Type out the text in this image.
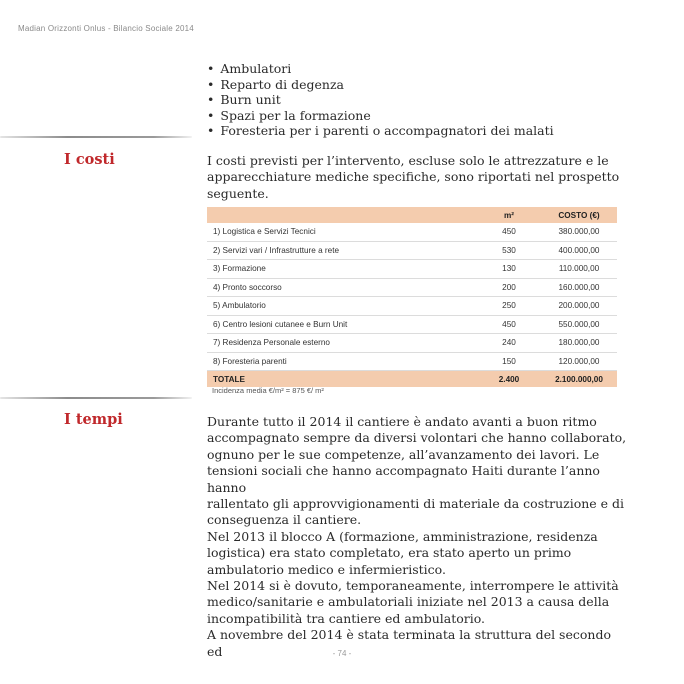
Madian Orizzonti Onlus - Bilancio Sociale 2014
• Ambulatori
• Reparto di degenza
• Burn unit
• Spazi per la formazione
• Foresteria per i parenti o accompagnatori dei malati
I costi	I costi previsti per l’intervento, escluse solo le attrezzature e le apparecchiature mediche specifiche, sono riportati nel prospetto seguente.

	m²	COSTO (€)
1) Logistica e Servizi Tecnici	450	380.000,00
2) Servizi vari / Infrastrutture a rete	530	400.000,00
3) Formazione	130	110.000,00
4) Pronto soccorso	200	160.000,00
5) Ambulatorio	250	200.000,00
6) Centro lesioni cutanee e Burn Unit	450	550.000,00
7) Residenza Personale esterno	240	180.000,00
8) Foresteria parenti	150	120.000,00
TOTALE	2.400	2.100.000,00
Incidenza media €/m² = 875 €/ m²
I tempi	Durante tutto il 2014 il cantiere è andato avanti a buon ritmo
accompagnato sempre da diversi volontari che hanno collaborato,
ognuno per le sue competenze, all’avanzamento dei lavori. Le
tensioni sociali che hanno accompagnato Haiti durante l’anno hanno
rallentato gli approvvigionamenti di materiale da costruzione e di
conseguenza il cantiere.

Nel 2013 il blocco A (formazione, amministrazione, residenza
logistica) era stato completato, era stato aperto un primo
ambulatorio medico e infermieristico.

Nel 2014 si è dovuto, temporaneamente, interrompere le attività
medico/sanitarie e ambulatoriali iniziate nel 2013 a causa della
incompatibilità tra cantiere ed ambulatorio.

A novembre del 2014 è stata terminata la struttura del secondo ed	- 74 -
